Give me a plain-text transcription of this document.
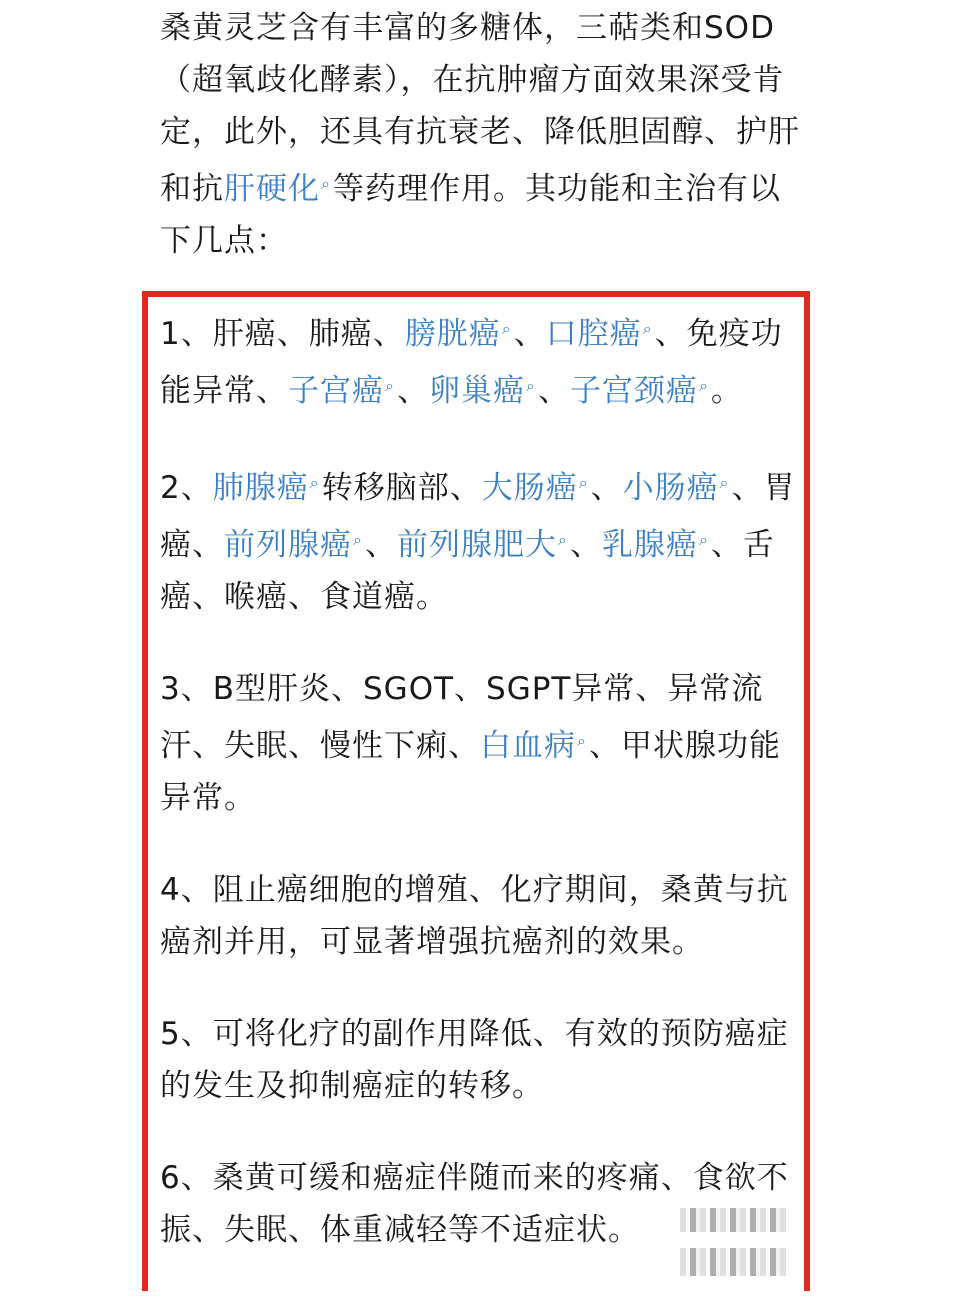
桑黄灵芝含有丰富的多糖体，三萜类和SOD（超氧歧化酵素），在抗肿瘤方面效果深受肯定，此外，还具有抗衰老、降低胆固醇、护肝和抗肝硬化⌕等药理作用。其功能和主治有以下几点：
1、肝癌、肺癌、膀胱癌⌕、口腔癌⌕、免疫功能异常、子宫癌⌕、卵巢癌⌕、子宫颈癌⌕。
2、肺腺癌⌕转移脑部、大肠癌⌕、小肠癌⌕、胃癌、前列腺癌⌕、前列腺肥大⌕、乳腺癌⌕、舌癌、喉癌、食道癌。
3、B型肝炎、SGOT、SGPT异常、异常流汗、失眠、慢性下痢、白血病⌕、甲状腺功能异常。
4、阻止癌细胞的增殖、化疗期间，桑黄与抗癌剂并用，可显著增强抗癌剂的效果。
5、可将化疗的副作用降低、有效的预防癌症的发生及抑制癌症的转移。
6、桑黄可缓和癌症伴随而来的疼痛、食欲不振、失眠、体重减轻等不适症状。
